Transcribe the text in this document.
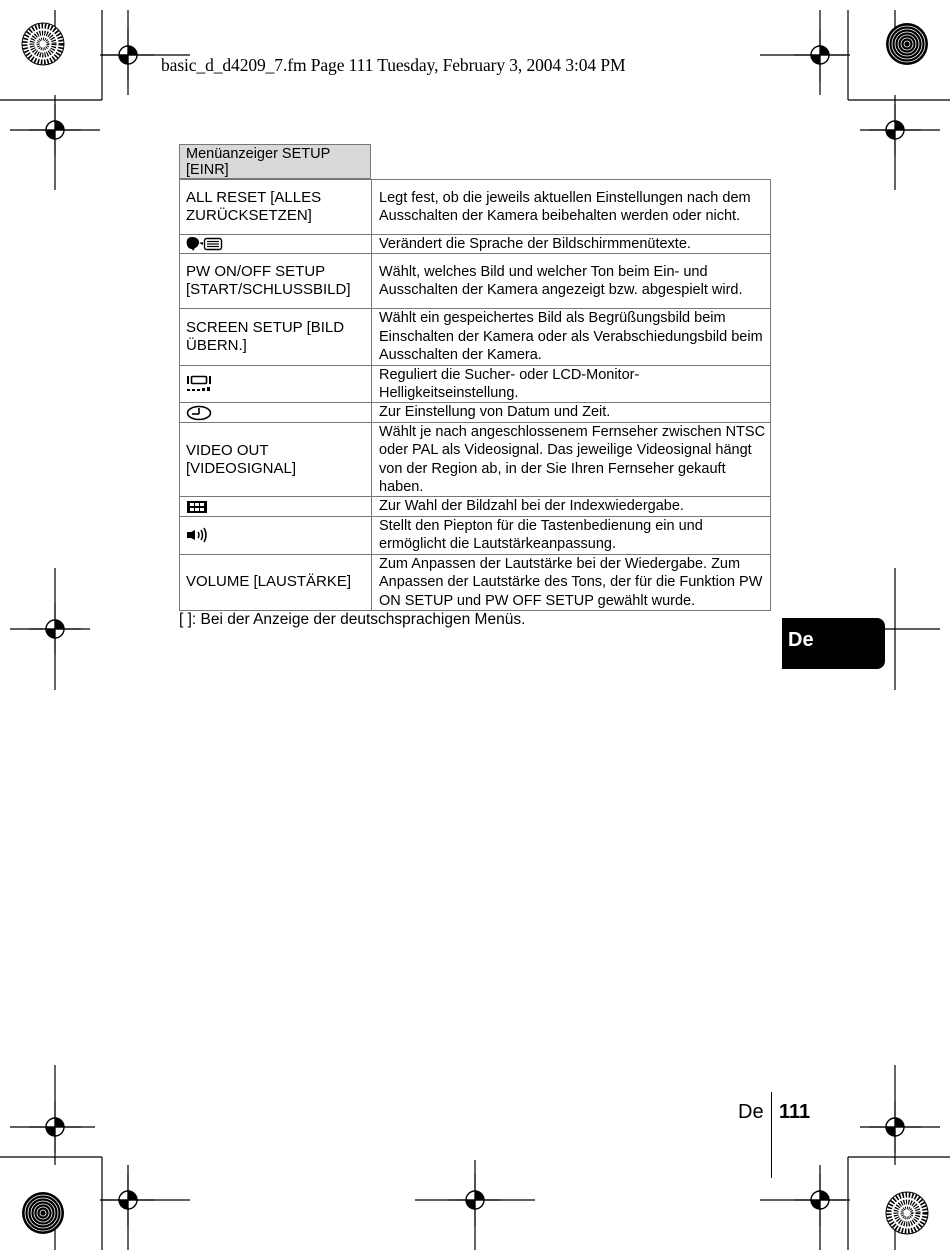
basic_d_d4209_7.fm Page 111 Tuesday, February 3, 2004 3:04 PM
Menüanzeiger SETUP [EINR]
ALL RESET [ALLES ZURÜCKSETZEN]	Legt fest, ob die jeweils aktuellen Einstellungen nach dem Ausschalten der Kamera beibehalten werden oder nicht.
	Verändert die Sprache der Bildschirmmenütexte.
PW ON/OFF SETUP [START/SCHLUSSBILD]	Wählt, welches Bild und welcher Ton beim Ein- und Ausschalten der Kamera angezeigt bzw. abgespielt wird.
SCREEN SETUP [BILD ÜBERN.]	Wählt ein gespeichertes Bild als Begrüßungsbild beim Einschalten der Kamera oder als Verabschiedungsbild beim Ausschalten der Kamera.
	Reguliert die Sucher- oder LCD-Monitor-Helligkeitseinstellung.
	Zur Einstellung von Datum und Zeit.
VIDEO OUT [VIDEOSIGNAL]	Wählt je nach angeschlossenem Fernseher zwischen NTSC oder PAL als Videosignal. Das jeweilige Videosignal hängt von der Region ab, in der Sie Ihren Fernseher gekauft haben.
	Zur Wahl der Bildzahl bei der Indexwiedergabe.
	Stellt den Piepton für die Tastenbedienung ein und ermöglicht die Lautstärkeanpassung.
VOLUME [LAUSTÄRKE]	Zum Anpassen der Lautstärke bei der Wiedergabe. Zum Anpassen der Lautstärke des Tons, der für die Funktion PW ON SETUP und PW OFF SETUP gewählt wurde.
[ ]: Bei der Anzeige der deutschsprachigen Menüs.
De
De 111
